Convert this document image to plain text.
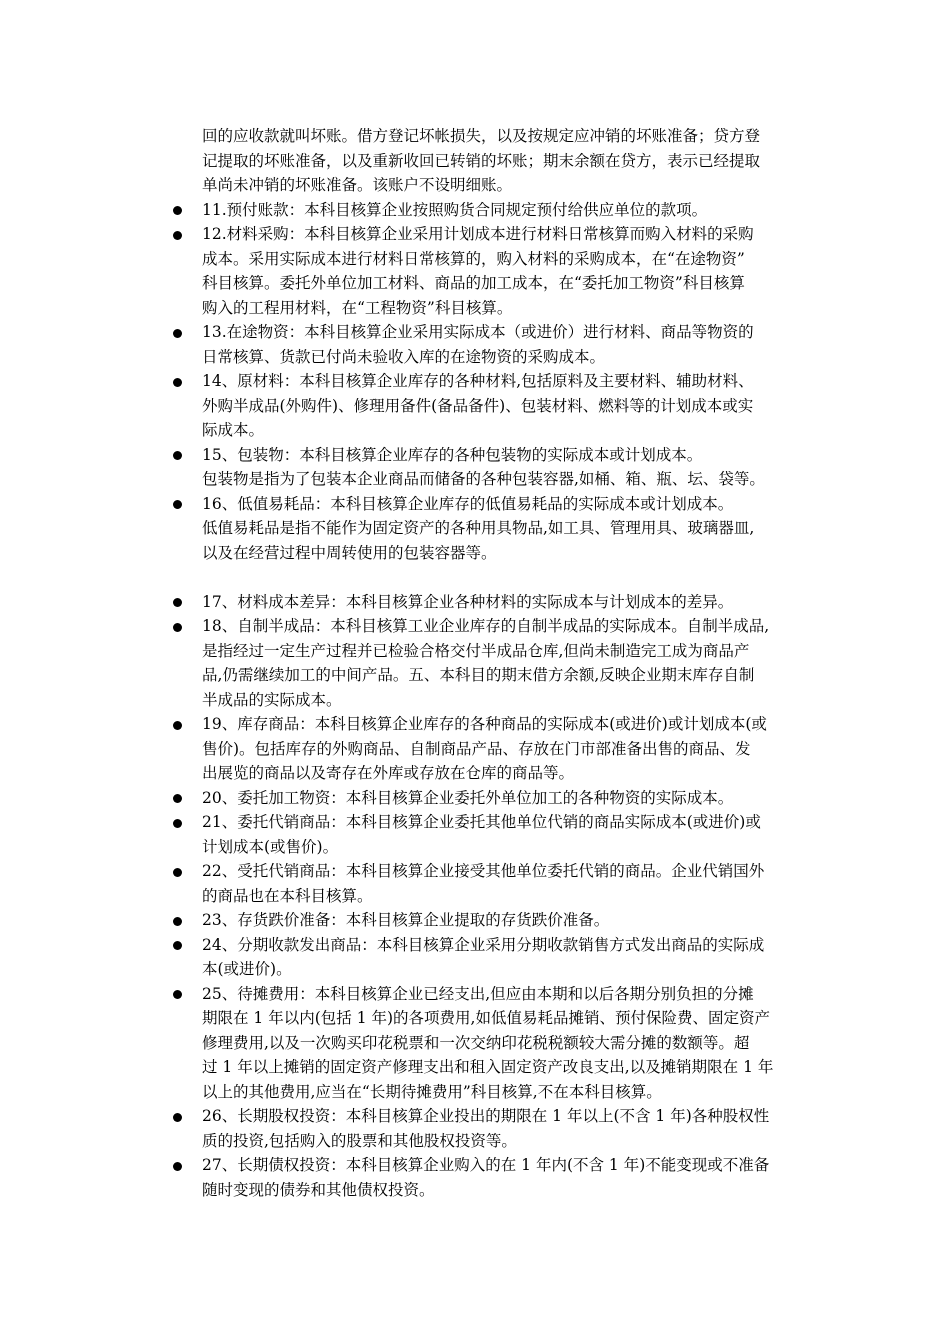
回的应收款就叫坏账。借方登记坏帐损失，以及按规定应冲销的坏账准备；贷方登
记提取的坏账准备，以及重新收回已转销的坏账；期末余额在贷方，表示已经提取
单尚未冲销的坏账准备。该账户不设明细账。
11.预付账款：本科目核算企业按照购货合同规定预付给供应单位的款项。
12.材料采购：本科目核算企业采用计划成本进行材料日常核算而购入材料的采购
成本。采用实际成本进行材料日常核算的，购入材料的采购成本，在“在途物资”
科目核算。委托外单位加工材料、商品的加工成本，在“委托加工物资”科目核算
购入的工程用材料，在“工程物资”科目核算。
13.在途物资：本科目核算企业采用实际成本（或进价）进行材料、商品等物资的
日常核算、货款已付尚未验收入库的在途物资的采购成本。
14、原材料：本科目核算企业库存的各种材料,包括原料及主要材料、辅助材料、
外购半成品(外购件)、修理用备件(备品备件)、包装材料、燃料等的计划成本或实
际成本。
15、包装物：本科目核算企业库存的各种包装物的实际成本或计划成本。
包装物是指为了包装本企业商品而储备的各种包装容器,如桶、箱、瓶、坛、袋等。
16、低值易耗品：本科目核算企业库存的低值易耗品的实际成本或计划成本。
低值易耗品是指不能作为固定资产的各种用具物品,如工具、管理用具、玻璃器皿,
以及在经营过程中周转使用的包装容器等。
17、材料成本差异：本科目核算企业各种材料的实际成本与计划成本的差异。
18、自制半成品：本科目核算工业企业库存的自制半成品的实际成本。自制半成品,
是指经过一定生产过程并已检验合格交付半成品仓库,但尚未制造完工成为商品产
品,仍需继续加工的中间产品。五、本科目的期末借方余额,反映企业期末库存自制
半成品的实际成本。
19、库存商品：本科目核算企业库存的各种商品的实际成本(或进价)或计划成本(或
售价)。包括库存的外购商品、自制商品产品、存放在门市部准备出售的商品、发
出展览的商品以及寄存在外库或存放在仓库的商品等。
20、委托加工物资：本科目核算企业委托外单位加工的各种物资的实际成本。
21、委托代销商品：本科目核算企业委托其他单位代销的商品实际成本(或进价)或
计划成本(或售价)。
22、受托代销商品：本科目核算企业接受其他单位委托代销的商品。企业代销国外
的商品也在本科目核算。
23、存货跌价准备：本科目核算企业提取的存货跌价准备。
24、分期收款发出商品：本科目核算企业采用分期收款销售方式发出商品的实际成
本(或进价)。
25、待摊费用：本科目核算企业已经支出,但应由本期和以后各期分别负担的分摊
期限在 1 年以内(包括 1 年)的各项费用,如低值易耗品摊销、预付保险费、固定资产
修理费用,以及一次购买印花税票和一次交纳印花税税额较大需分摊的数额等。超
过 1 年以上摊销的固定资产修理支出和租入固定资产改良支出,以及摊销期限在 1 年
以上的其他费用,应当在“长期待摊费用”科目核算,不在本科目核算。
26、长期股权投资：本科目核算企业投出的期限在 1 年以上(不含 1 年)各种股权性
质的投资,包括购入的股票和其他股权投资等。
27、长期债权投资：本科目核算企业购入的在 1 年内(不含 1 年)不能变现或不准备
随时变现的债券和其他债权投资。
